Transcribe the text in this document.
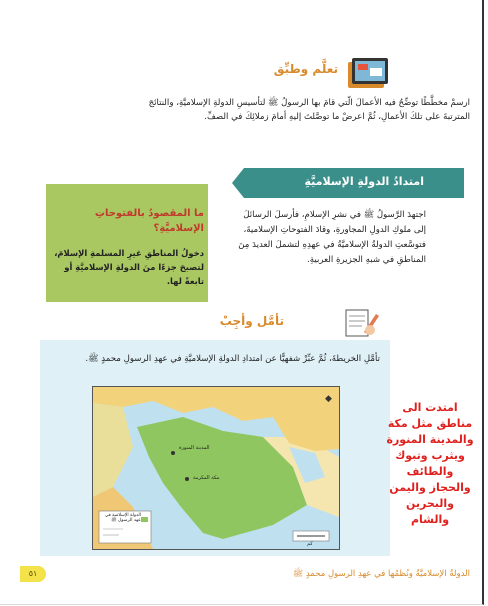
تعلَّم وطبِّق
ارسمْ مخطَّطًا توضِّحُ فيه الأعمالَ الّتي قامَ بها الرسولُ ﷺ لتأسيسِ الدولةِ الإسلاميَّةِ، والنتائجَ المترتبةَ على تلكَ الأعمالِ، ثُمَّ اعرضْ ما توصَّلتَ إليهِ أمامَ زملائِكَ في الصفِّ.
امتدادُ الدولةِ الإسلاميَّةِ
ما المقصودُ بالفتوحاتِ الإسلاميَّةِ؟
دخولُ المناطقِ غيرِ المسلمةِ الإسلامَ، لتصبحَ جزءًا منَ الدولةِ الإسلاميَّةِ أو تابعةً لها.
اجتهدَ الرَّسولُ ﷺ في نشرِ الإسلامِ، فأرسلَ الرسائلَ إلى ملوكِ الدولِ المجاورةِ، وقادَ الفتوحاتِ الإسلاميةَ، فتوسَّعتِ الدولةُ الإسلاميَّةُ في عهدِهِ لتشملَ العديدَ مِنَ المناطقِ في شبهِ الجزيرةِ العربيةِ.
تأمَّل وأجِبْ
تأمَّلِ الخريطةَ، ثُمَّ عبِّرْ شفهيًّا عن امتدادِ الدولةِ الإسلاميَّةِ في عهدِ الرسولِ محمدٍ ﷺ.
◆
المدينة المنورة
مكة المكرمة
الدولة الإسلامية في عهد الرسول ﷺ
كم
امتدت الى مناطق مثل مكة والمدينة المنورة ويثرب وتبوك والطائف والحجاز واليمن والبحرين والشام
٥١	الدولةُ الإسلاميَّةُ ونُظمُها في عهدِ الرسولِ محمدٍ ﷺ
